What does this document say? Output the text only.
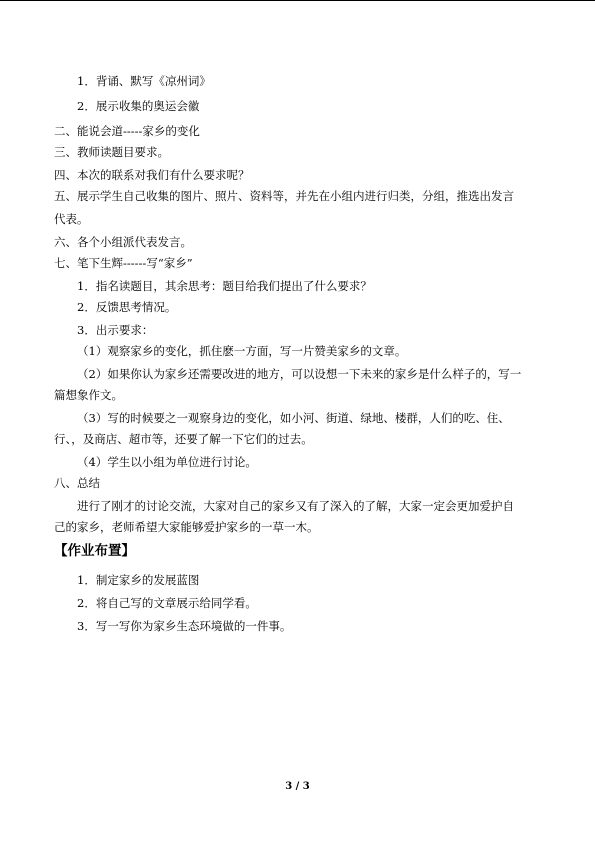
1．背诵、默写《凉州词》
2．展示收集的奥运会徽
二、能说会道-----家乡的变化
三、教师读题目要求。
四、本次的联系对我们有什么要求呢？
五、展示学生自己收集的图片、照片、资料等，并先在小组内进行归类，分组，推选出发言
代表。
六、各个小组派代表发言。
七、笔下生辉------写“家乡”
1．指名读题目，其余思考：题目给我们提出了什么要求？
2．反馈思考情况。
3．出示要求：
（1）观察家乡的变化，抓住麽一方面，写一片赞美家乡的文章。
（2）如果你认为家乡还需要改进的地方，可以设想一下未来的家乡是什么样子的，写一
篇想象作文。
（3）写的时候要之一观察身边的变化，如小河、街道、绿地、楼群，人们的吃、住、
行、，及商店、超市等，还要了解一下它们的过去。
（4）学生以小组为单位进行讨论。
八、总结
进行了刚才的讨论交流，大家对自己的家乡又有了深入的了解，大家一定会更加爱护自
己的家乡，老师希望大家能够爱护家乡的一草一木。
【作业布置】
1．制定家乡的发展蓝图
2．将自己写的文章展示给同学看。
3．写一写你为家乡生态环境做的一件事。
3 / 3
